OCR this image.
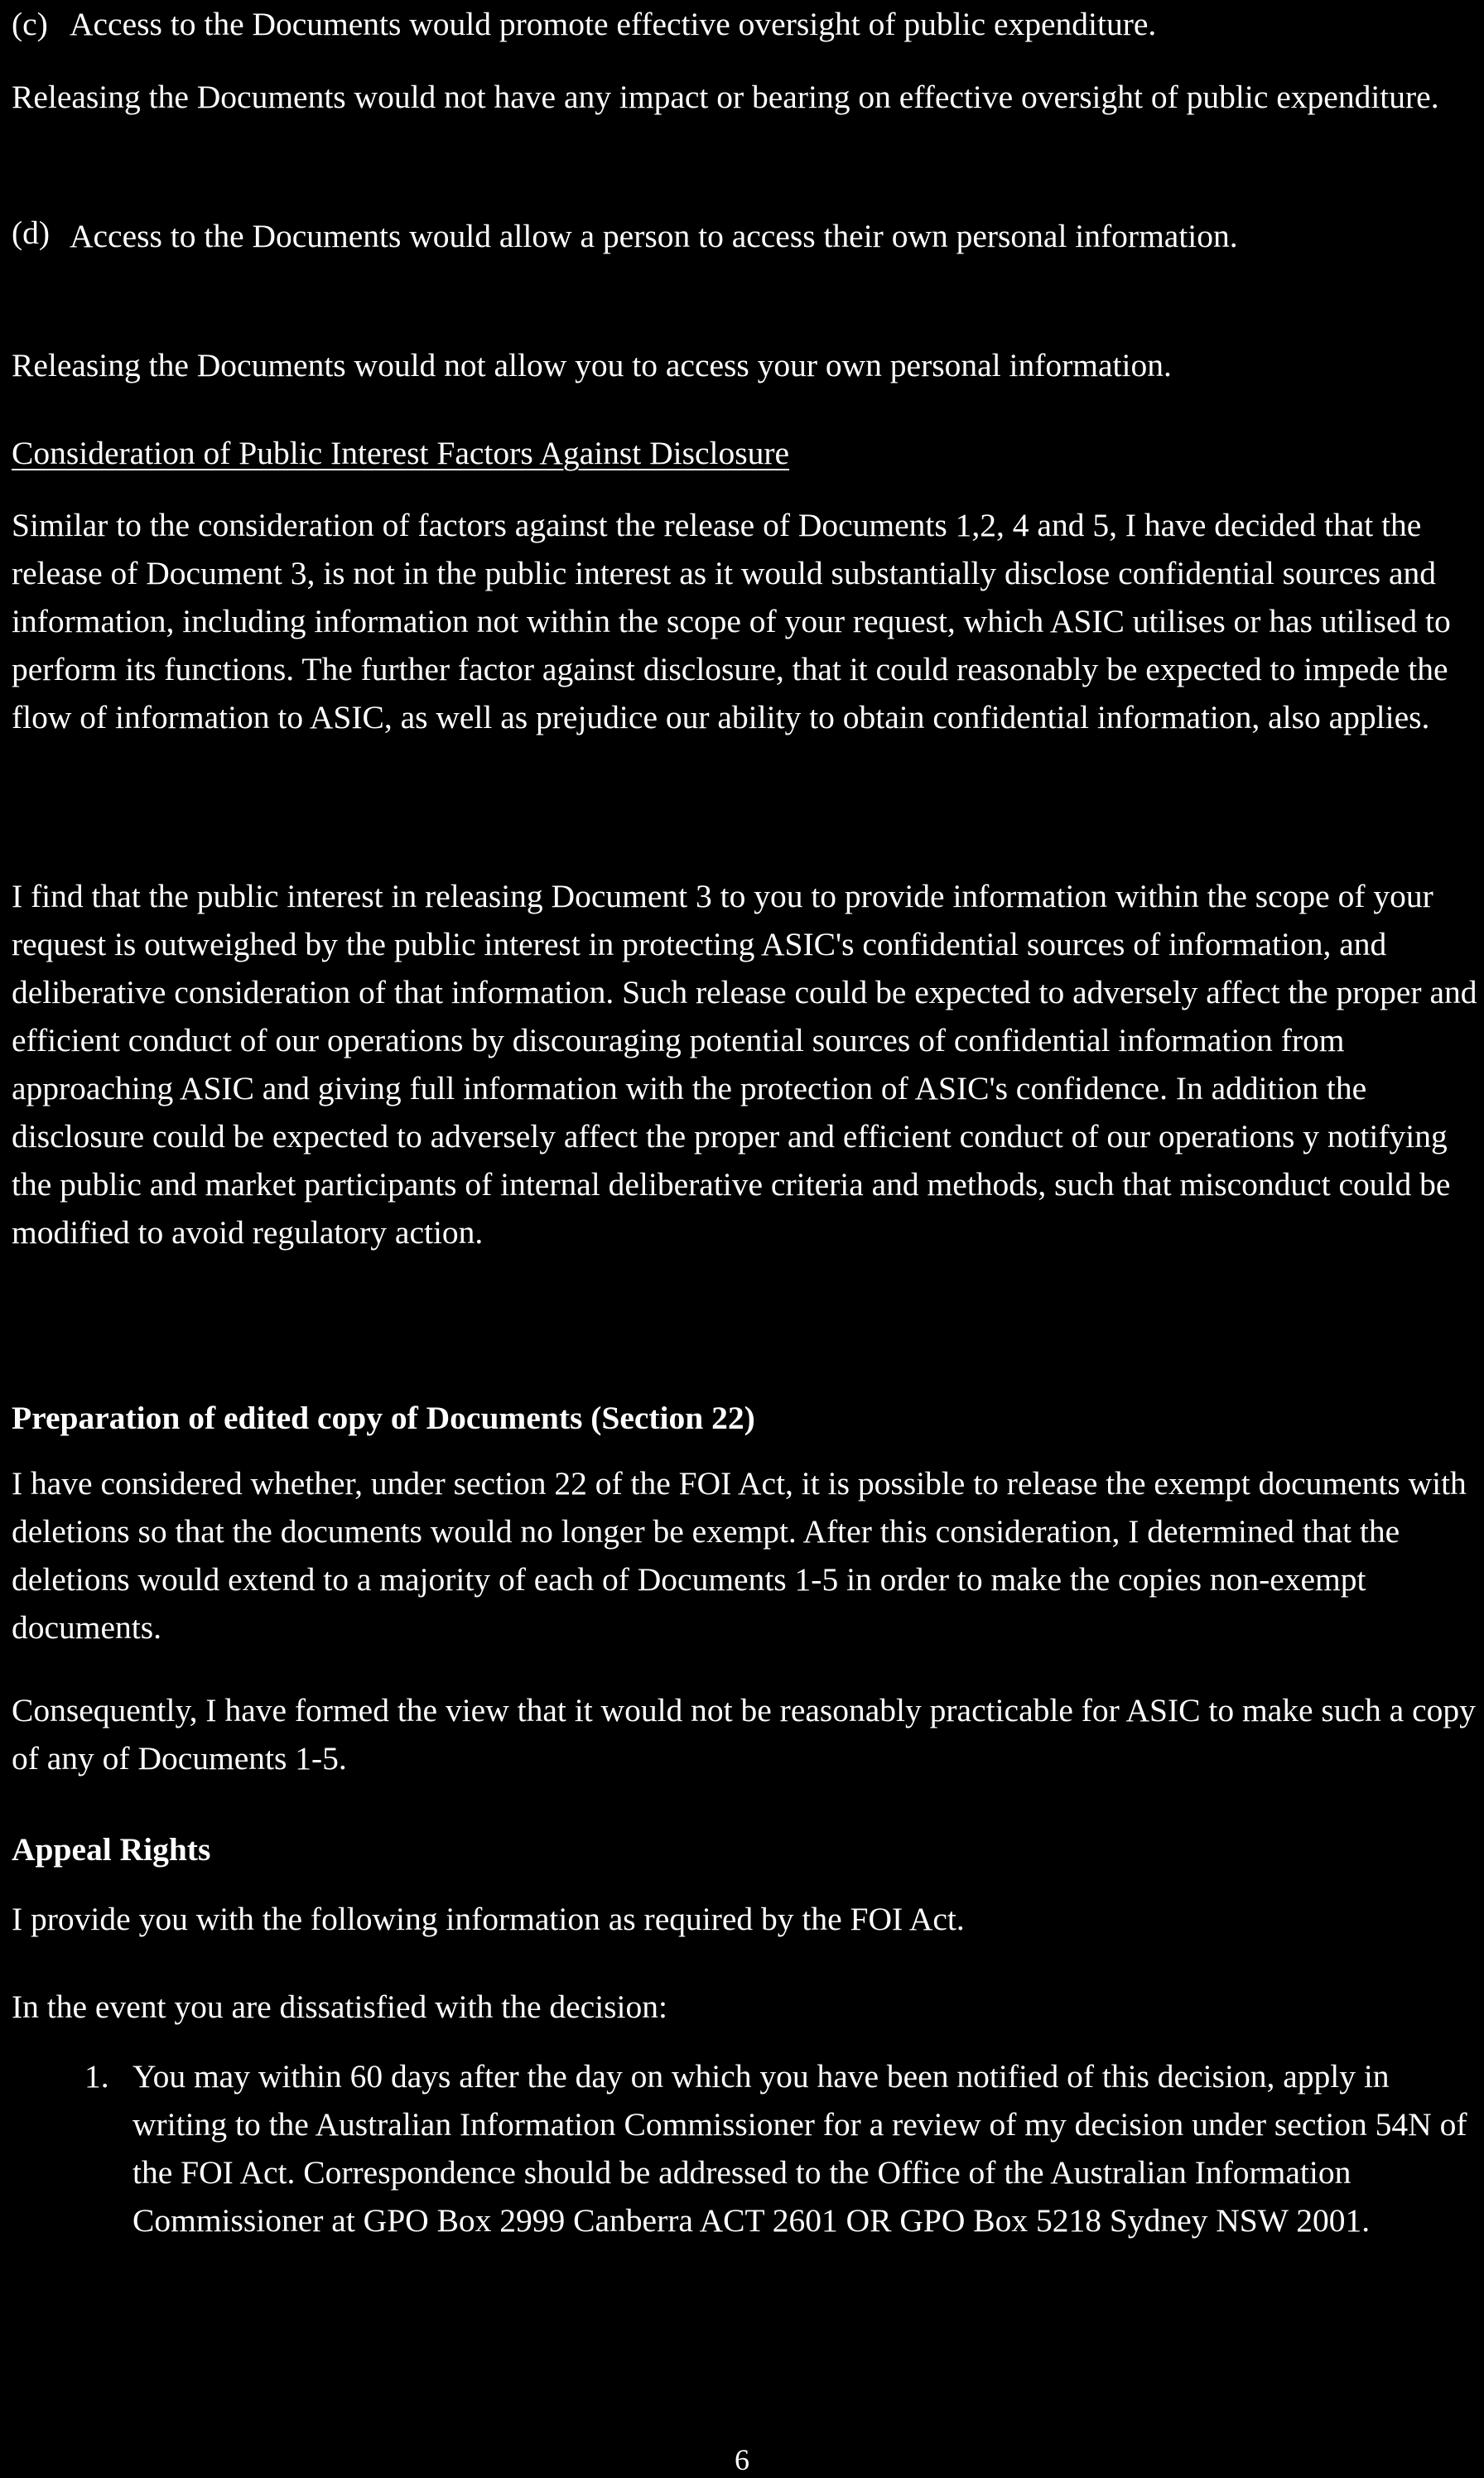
(c) Access to the Documents would promote effective oversight of public expenditure.

Releasing the Documents would not have any impact or bearing on effective oversight of public expenditure.

(d) Access to the Documents would allow a person to access their own personal information.

Releasing the Documents would not allow you to access your own personal information.

Consideration of Public Interest Factors Against Disclosure

Similar to the consideration of factors against the release of Documents 1,2, 4 and 5, I have decided that the release of Document 3, is not in the public interest as it would substantially disclose confidential sources and information, including information not within the scope of your request, which ASIC utilises or has utilised to perform its functions. The further factor against disclosure, that it could reasonably be expected to impede the flow of information to ASIC, as well as prejudice our ability to obtain confidential information, also applies.

I find that the public interest in releasing Document 3 to you to provide information within the scope of your request is outweighed by the public interest in protecting ASIC's confidential sources of information, and deliberative consideration of that information. Such release could be expected to adversely affect the proper and efficient conduct of our operations by discouraging potential sources of confidential information from approaching ASIC and giving full information with the protection of ASIC's confidence. In addition the disclosure could be expected to adversely affect the proper and efficient conduct of our operations y notifying the public and market participants of internal deliberative criteria and methods, such that misconduct could be modified to avoid regulatory action.

Preparation of edited copy of Documents (Section 22)

I have considered whether, under section 22 of the FOI Act, it is possible to release the exempt documents with deletions so that the documents would no longer be exempt. After this consideration, I determined that the deletions would extend to a majority of each of Documents 1-5 in order to make the copies non-exempt documents.

Consequently, I have formed the view that it would not be reasonably practicable for ASIC to make such a copy of any of Documents 1-5.

Appeal Rights

I provide you with the following information as required by the FOI Act.

In the event you are dissatisfied with the decision:

1. You may within 60 days after the day on which you have been notified of this decision, apply in writing to the Australian Information Commissioner for a review of my decision under section 54N of the FOI Act. Correspondence should be addressed to the Office of the Australian Information Commissioner at GPO Box 2999 Canberra ACT 2601 OR GPO Box 5218 Sydney NSW 2001.
6
